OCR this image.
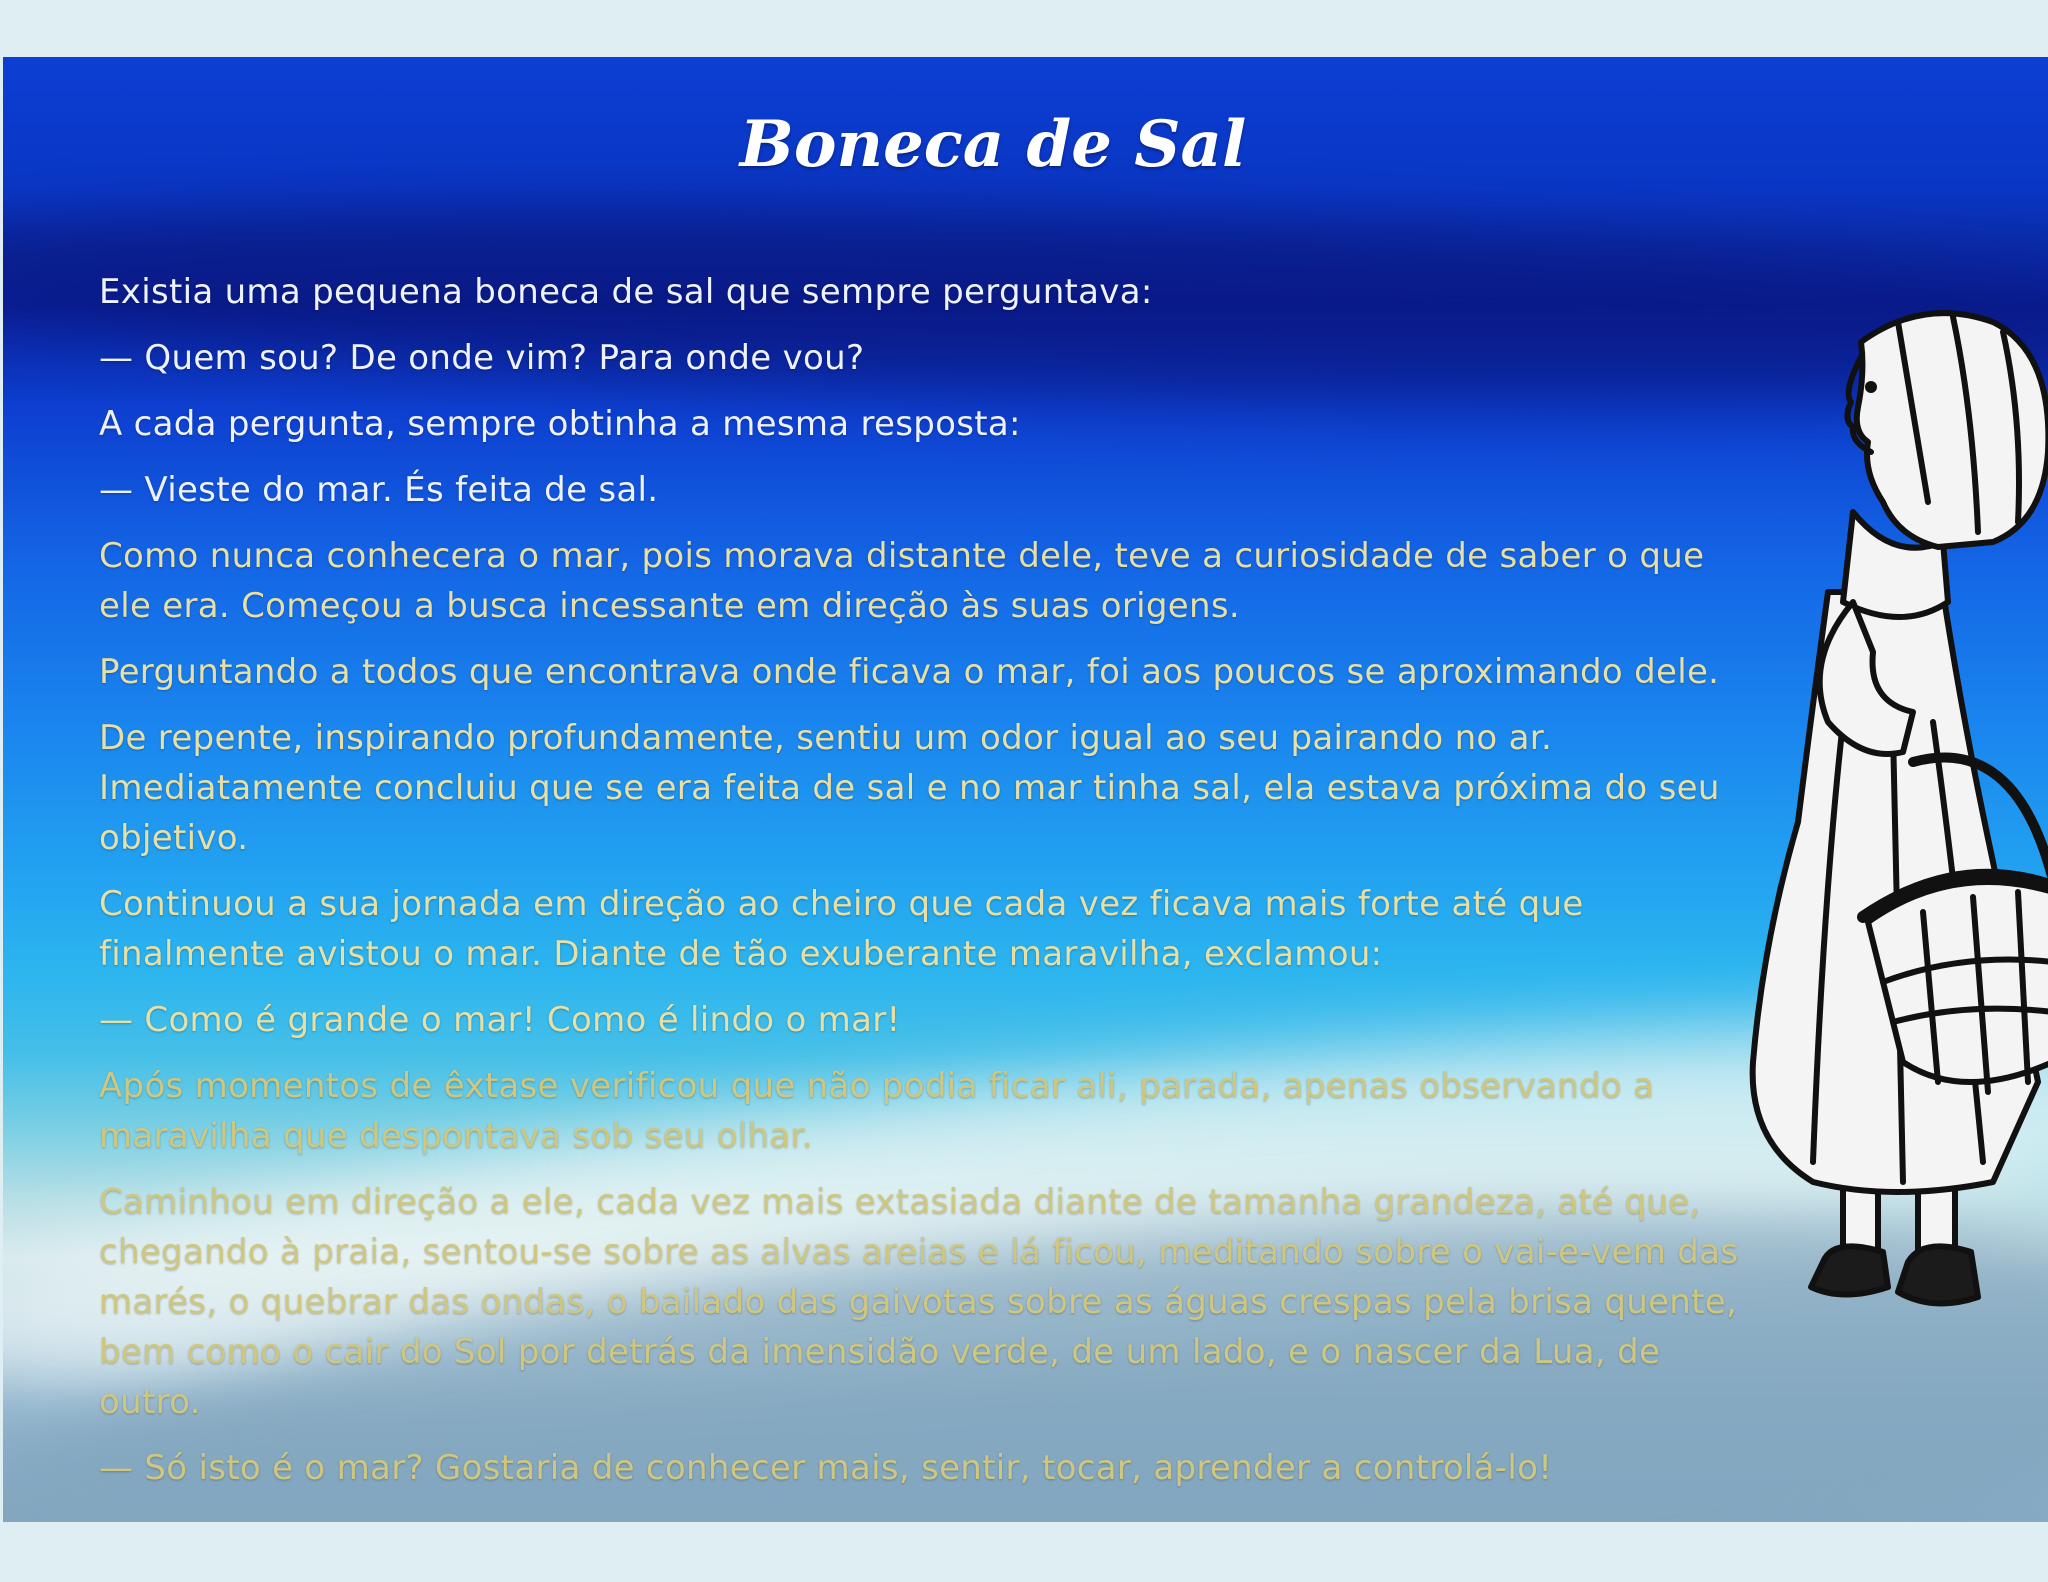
Boneca de Sal

Existia uma pequena boneca de sal que sempre perguntava:

— Quem sou? De onde vim? Para onde vou?

A cada pergunta, sempre obtinha a mesma resposta:

— Vieste do mar. És feita de sal.

Como nunca conhecera o mar, pois morava distante dele, teve a curiosidade de saber o que ele era. Começou a busca incessante em direção às suas origens.

Perguntando a todos que encontrava onde ficava o mar, foi aos poucos se aproximando dele.

De repente, inspirando profundamente, sentiu um odor igual ao seu pairando no ar. Imediatamente concluiu que se era feita de sal e no mar tinha sal, ela estava próxima do seu objetivo.

Continuou a sua jornada em direção ao cheiro que cada vez ficava mais forte até que finalmente avistou o mar. Diante de tão exuberante maravilha, exclamou:

— Como é grande o mar! Como é lindo o mar!

Após momentos de êxtase verificou que não podia ficar ali, parada, apenas observando a maravilha que despontava sob seu olhar.

Caminhou em direção a ele, cada vez mais extasiada diante de tamanha grandeza, até que, chegando à praia, sentou-se sobre as alvas areias e lá ficou, meditando sobre o vai-e-vem das marés, o quebrar das ondas, o bailado das gaivotas sobre as águas crespas pela brisa quente, bem como o cair do Sol por detrás da imensidão verde, de um lado, e o nascer da Lua, de outro.

— Só isto é o mar? Gostaria de conhecer mais, sentir, tocar, aprender a controlá-lo!
